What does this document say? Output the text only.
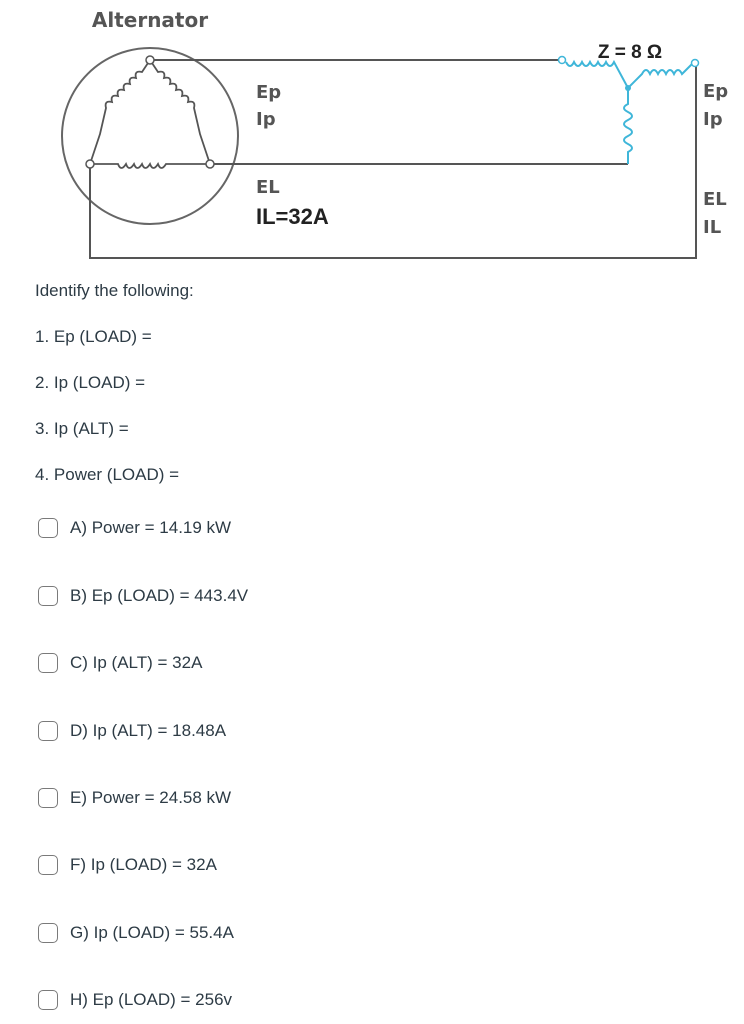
Alternator
Z = 8 Ω
Ep
Ip
EL
IL=32A
Ep
Ip
EL
IL
Identify the following:
1. Ep (LOAD) =
2. Ip (LOAD) =
3. Ip (ALT) =
4. Power (LOAD) =
A) Power = 14.19 kW
B) Ep (LOAD) = 443.4V
C) Ip (ALT) = 32A
D) Ip (ALT) = 18.48A
E) Power = 24.58 kW
F) Ip (LOAD) = 32A
G) Ip (LOAD) = 55.4A
H) Ep (LOAD) = 256v
